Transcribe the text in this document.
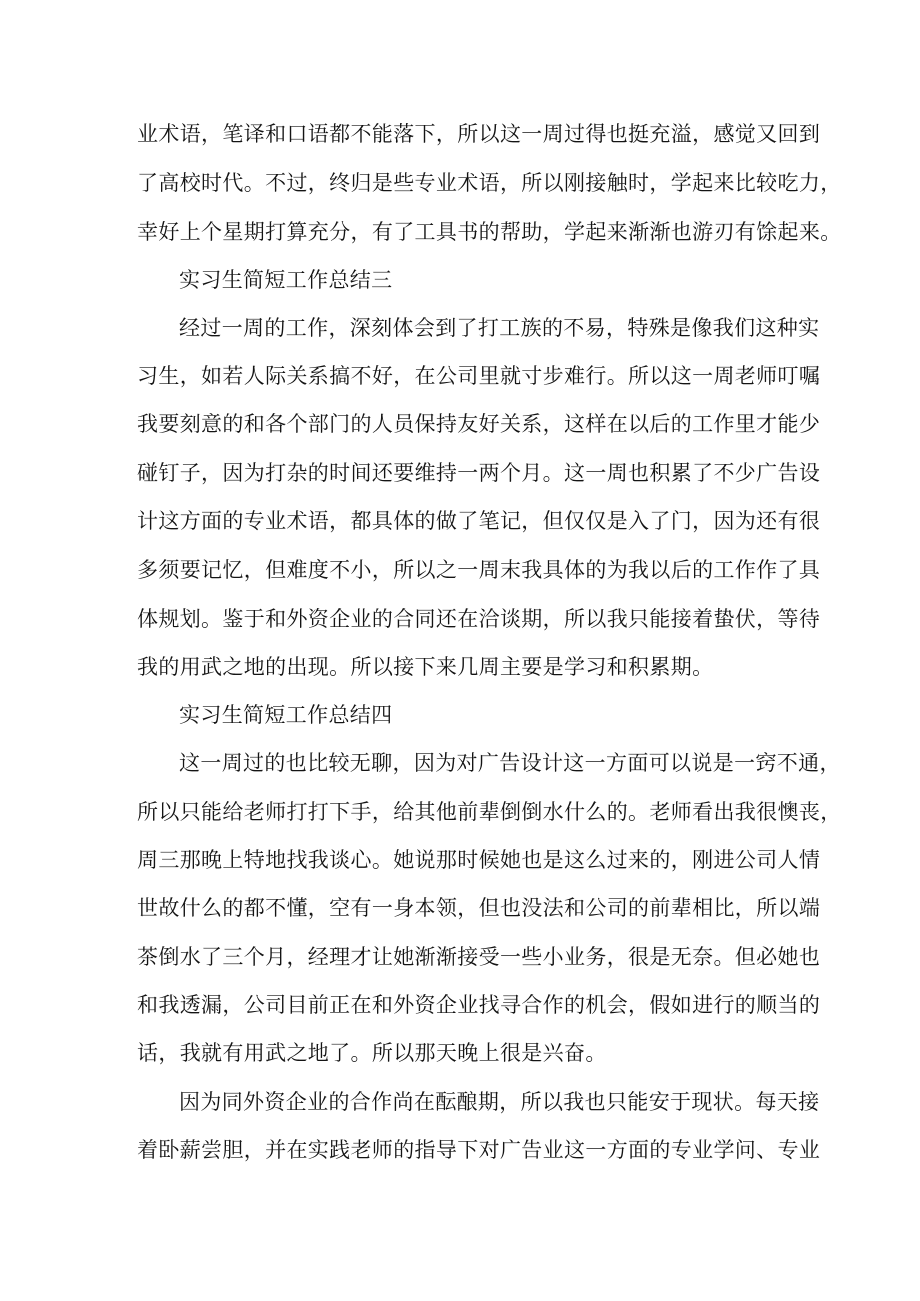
业术语，笔译和口语都不能落下，所以这一周过得也挺充溢，感觉又回到

了高校时代。不过，终归是些专业术语，所以刚接触时，学起来比较吃力，

幸好上个星期打算充分，有了工具书的帮助，学起来渐渐也游刃有馀起来。

实习生简短工作总结三

经过一周的工作，深刻体会到了打工族的不易，特殊是像我们这种实

习生，如若人际关系搞不好，在公司里就寸步难行。所以这一周老师叮嘱

我要刻意的和各个部门的人员保持友好关系，这样在以后的工作里才能少

碰钉子，因为打杂的时间还要维持一两个月。这一周也积累了不少广告设

计这方面的专业术语，都具体的做了笔记，但仅仅是入了门，因为还有很

多须要记忆，但难度不小，所以之一周末我具体的为我以后的工作作了具

体规划。鉴于和外资企业的合同还在洽谈期，所以我只能接着蛰伏，等待

我的用武之地的出现。所以接下来几周主要是学习和积累期。

实习生简短工作总结四

这一周过的也比较无聊，因为对广告设计这一方面可以说是一窍不通，

所以只能给老师打打下手，给其他前辈倒倒水什么的。老师看出我很懊丧，

周三那晚上特地找我谈心。她说那时候她也是这么过来的，刚进公司人情

世故什么的都不懂，空有一身本领，但也没法和公司的前辈相比，所以端

茶倒水了三个月，经理才让她渐渐接受一些小业务，很是无奈。但必她也

和我透漏，公司目前正在和外资企业找寻合作的机会，假如进行的顺当的

话，我就有用武之地了。所以那天晚上很是兴奋。

因为同外资企业的合作尚在酝酿期，所以我也只能安于现状。每天接

着卧薪尝胆，并在实践老师的指导下对广告业这一方面的专业学问、专业
